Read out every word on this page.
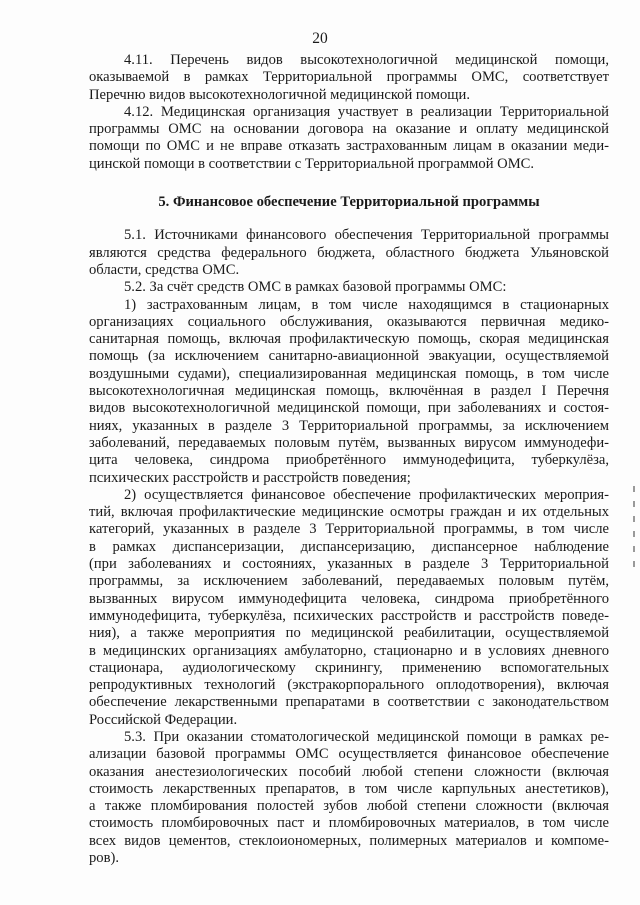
20
4.11. Перечень видов высокотехнологичной медицинской помощи,
оказываемой в рамках Территориальной программы ОМС, соответствует
Перечню видов высокотехнологичной медицинской помощи.
4.12. Медицинская организация участвует в реализации Территориальной
программы ОМС на основании договора на оказание и оплату медицинской
помощи по ОМС и не вправе отказать застрахованным лицам в оказании меди-
цинской помощи в соответствии с Территориальной программой ОМС.
5. Финансовое обеспечение Территориальной программы
5.1. Источниками финансового обеспечения Территориальной программы
являются средства федерального бюджета, областного бюджета Ульяновской
области, средства ОМС.
5.2. За счёт средств ОМС в рамках базовой программы ОМС:
1) застрахованным лицам, в том числе находящимся в стационарных
организациях социального обслуживания, оказываются первичная медико-
санитарная помощь, включая профилактическую помощь, скорая медицинская
помощь (за исключением санитарно-авиационной эвакуации, осуществляемой
воздушными судами), специализированная медицинская помощь, в том числе
высокотехнологичная медицинская помощь, включённая в раздел I Перечня
видов высокотехнологичной медицинской помощи, при заболеваниях и состоя-
ниях, указанных в разделе 3 Территориальной программы, за исключением
заболеваний, передаваемых половым путём, вызванных вирусом иммунодефи-
цита человека, синдрома приобретённого иммунодефицита, туберкулёза,
психических расстройств и расстройств поведения;
2) осуществляется финансовое обеспечение профилактических мероприя-
тий, включая профилактические медицинские осмотры граждан и их отдельных
категорий, указанных в разделе 3 Территориальной программы, в том числе
в рамках диспансеризации, диспансеризацию, диспансерное наблюдение
(при заболеваниях и состояниях, указанных в разделе 3 Территориальной
программы, за исключением заболеваний, передаваемых половым путём,
вызванных вирусом иммунодефицита человека, синдрома приобретённого
иммунодефицита, туберкулёза, психических расстройств и расстройств поведе-
ния), а также мероприятия по медицинской реабилитации, осуществляемой
в медицинских организациях амбулаторно, стационарно и в условиях дневного
стационара, аудиологическому скринингу, применению вспомогательных
репродуктивных технологий (экстракорпорального оплодотворения), включая
обеспечение лекарственными препаратами в соответствии с законодательством
Российской Федерации.
5.3. При оказании стоматологической медицинской помощи в рамках ре-
ализации базовой программы ОМС осуществляется финансовое обеспечение
оказания анестезиологических пособий любой степени сложности (включая
стоимость лекарственных препаратов, в том числе карпульных анестетиков),
а также пломбирования полостей зубов любой степени сложности (включая
стоимость пломбировочных паст и пломбировочных материалов, в том числе
всех видов цементов, стеклоиономерных, полимерных материалов и компоме-
ров).
